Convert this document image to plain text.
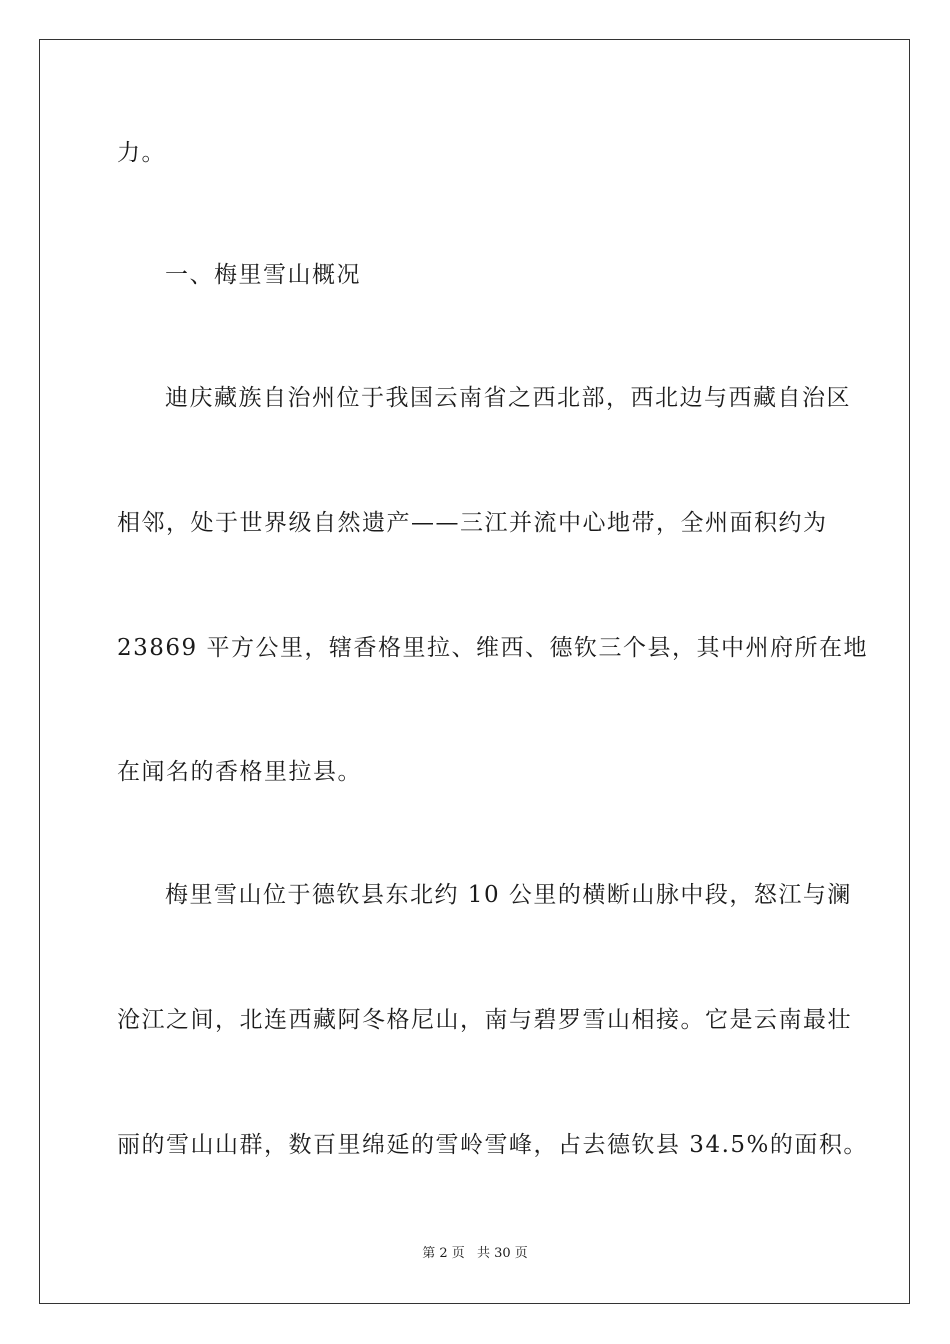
力。
一、梅里雪山概况
迪庆藏族自治州位于我国云南省之西北部，西北边与西藏自治区
相邻，处于世界级自然遗产——三江并流中心地带，全州面积约为
23869 平方公里，辖香格里拉、维西、德钦三个县，其中州府所在地
在闻名的香格里拉县。
梅里雪山位于德钦县东北约 10 公里的横断山脉中段，怒江与澜
沧江之间，北连西藏阿冬格尼山，南与碧罗雪山相接。它是云南最壮
丽的雪山山群，数百里绵延的雪岭雪峰，占去德钦县 34.5%的面积。
第 2 页 共 30 页
